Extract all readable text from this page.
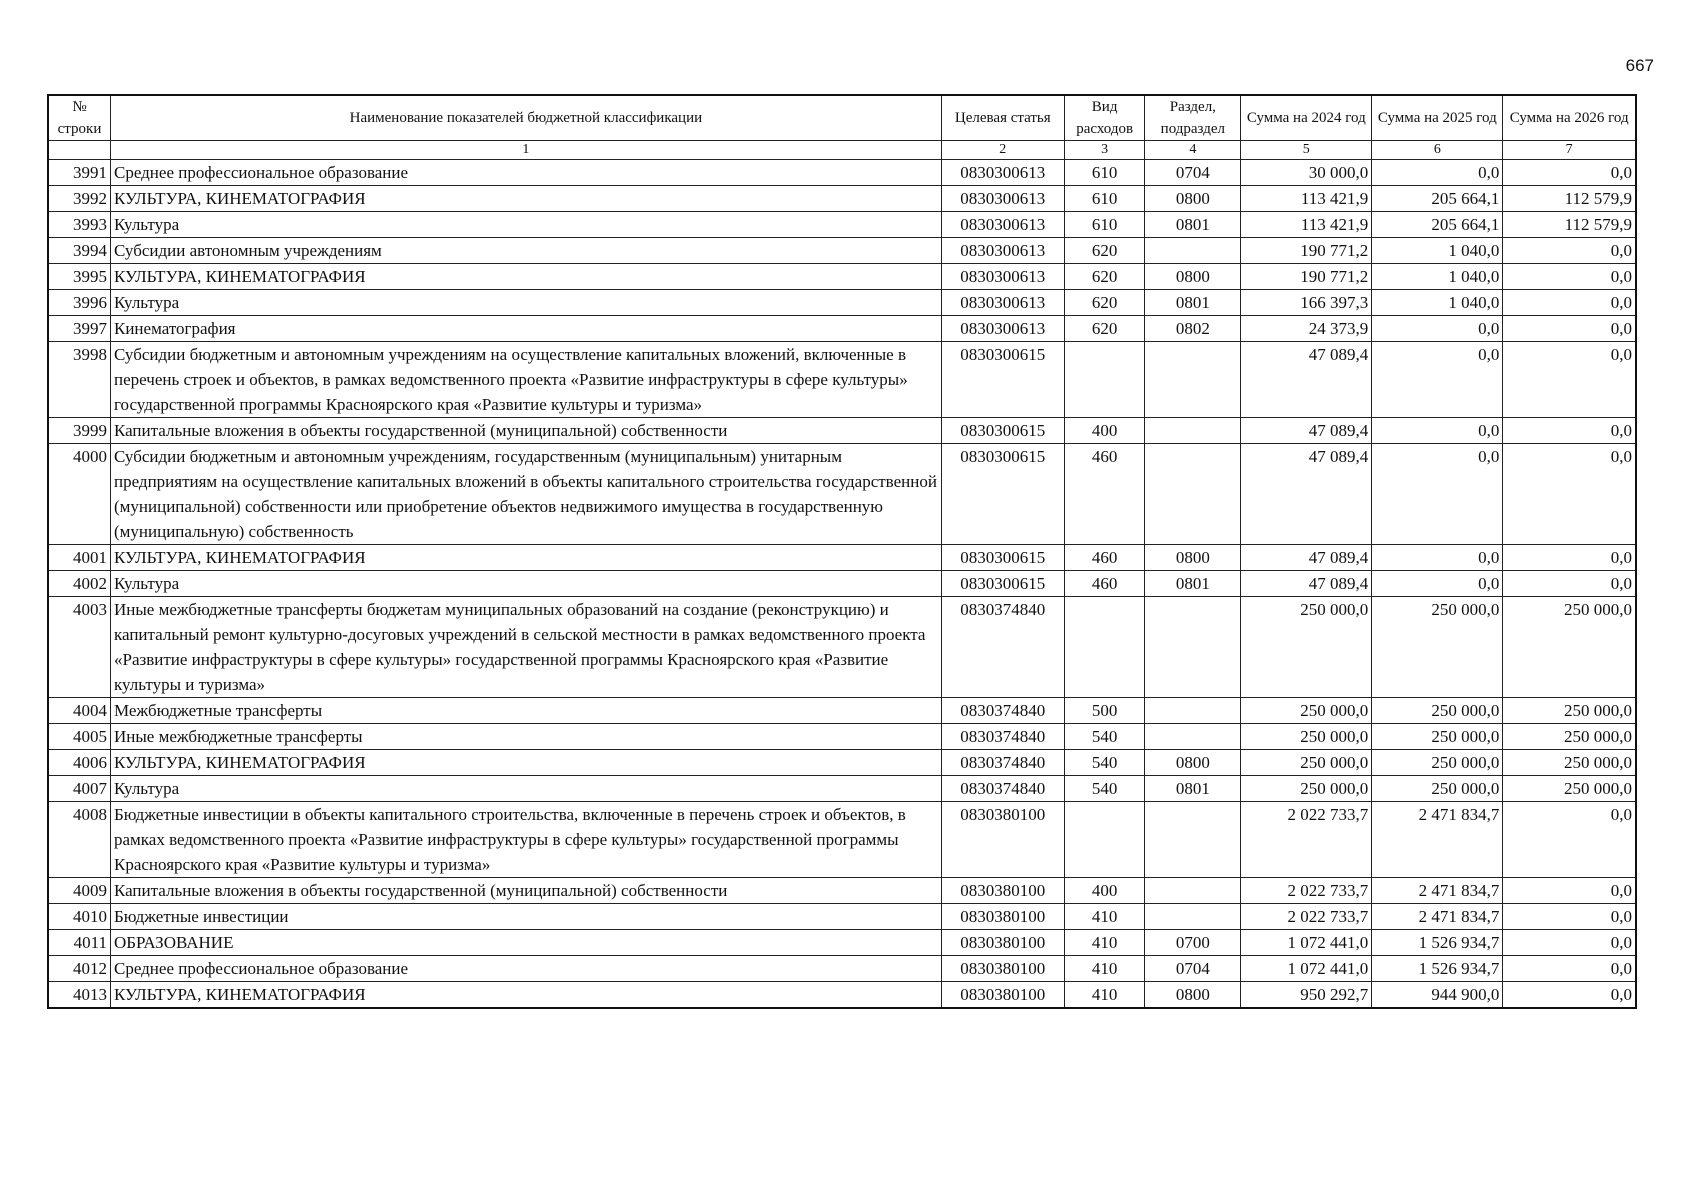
667
№ строки	Наименование показателей бюджетной классификации	Целевая статья	Вид расходов	Раздел, подраздел	Сумма на 2024 год	Сумма на 2025 год	Сумма на 2026 год
	1	2	3	4	5	6	7
3991	Среднее профессиональное образование	0830300613	610	0704	30 000,0	0,0	0,0
3992	КУЛЬТУРА, КИНЕМАТОГРАФИЯ	0830300613	610	0800	113 421,9	205 664,1	112 579,9
3993	Культура	0830300613	610	0801	113 421,9	205 664,1	112 579,9
3994	Субсидии автономным учреждениям	0830300613	620		190 771,2	1 040,0	0,0
3995	КУЛЬТУРА, КИНЕМАТОГРАФИЯ	0830300613	620	0800	190 771,2	1 040,0	0,0
3996	Культура	0830300613	620	0801	166 397,3	1 040,0	0,0
3997	Кинематография	0830300613	620	0802	24 373,9	0,0	0,0
3998	Субсидии бюджетным и автономным учреждениям на осуществление капитальных вложений, включенные в перечень строек и объектов, в рамках ведомственного проекта «Развитие инфраструктуры в сфере культуры» государственной программы Красноярского края «Развитие культуры и туризма»	0830300615			47 089,4	0,0	0,0
3999	Капитальные вложения в объекты государственной (муниципальной) собственности	0830300615	400		47 089,4	0,0	0,0
4000	Субсидии бюджетным и автономным учреждениям, государственным (муниципальным) унитарным предприятиям на осуществление капитальных вложений в объекты капитального строительства государственной (муниципальной) собственности или приобретение объектов недвижимого имущества в государственную (муниципальную) собственность	0830300615	460		47 089,4	0,0	0,0
4001	КУЛЬТУРА, КИНЕМАТОГРАФИЯ	0830300615	460	0800	47 089,4	0,0	0,0
4002	Культура	0830300615	460	0801	47 089,4	0,0	0,0
4003	Иные межбюджетные трансферты бюджетам муниципальных образований на создание (реконструкцию) и капитальный ремонт культурно-досуговых учреждений в сельской местности в рамках ведомственного проекта «Развитие инфраструктуры в сфере культуры» государственной программы Красноярского края «Развитие культуры и туризма»	0830374840			250 000,0	250 000,0	250 000,0
4004	Межбюджетные трансферты	0830374840	500		250 000,0	250 000,0	250 000,0
4005	Иные межбюджетные трансферты	0830374840	540		250 000,0	250 000,0	250 000,0
4006	КУЛЬТУРА, КИНЕМАТОГРАФИЯ	0830374840	540	0800	250 000,0	250 000,0	250 000,0
4007	Культура	0830374840	540	0801	250 000,0	250 000,0	250 000,0
4008	Бюджетные инвестиции в объекты капитального строительства, включенные в перечень строек и объектов, в рамках ведомственного проекта «Развитие инфраструктуры в сфере культуры» государственной программы Красноярского края «Развитие культуры и туризма»	0830380100			2 022 733,7	2 471 834,7	0,0
4009	Капитальные вложения в объекты государственной (муниципальной) собственности	0830380100	400		2 022 733,7	2 471 834,7	0,0
4010	Бюджетные инвестиции	0830380100	410		2 022 733,7	2 471 834,7	0,0
4011	ОБРАЗОВАНИЕ	0830380100	410	0700	1 072 441,0	1 526 934,7	0,0
4012	Среднее профессиональное образование	0830380100	410	0704	1 072 441,0	1 526 934,7	0,0
4013	КУЛЬТУРА, КИНЕМАТОГРАФИЯ	0830380100	410	0800	950 292,7	944 900,0	0,0
